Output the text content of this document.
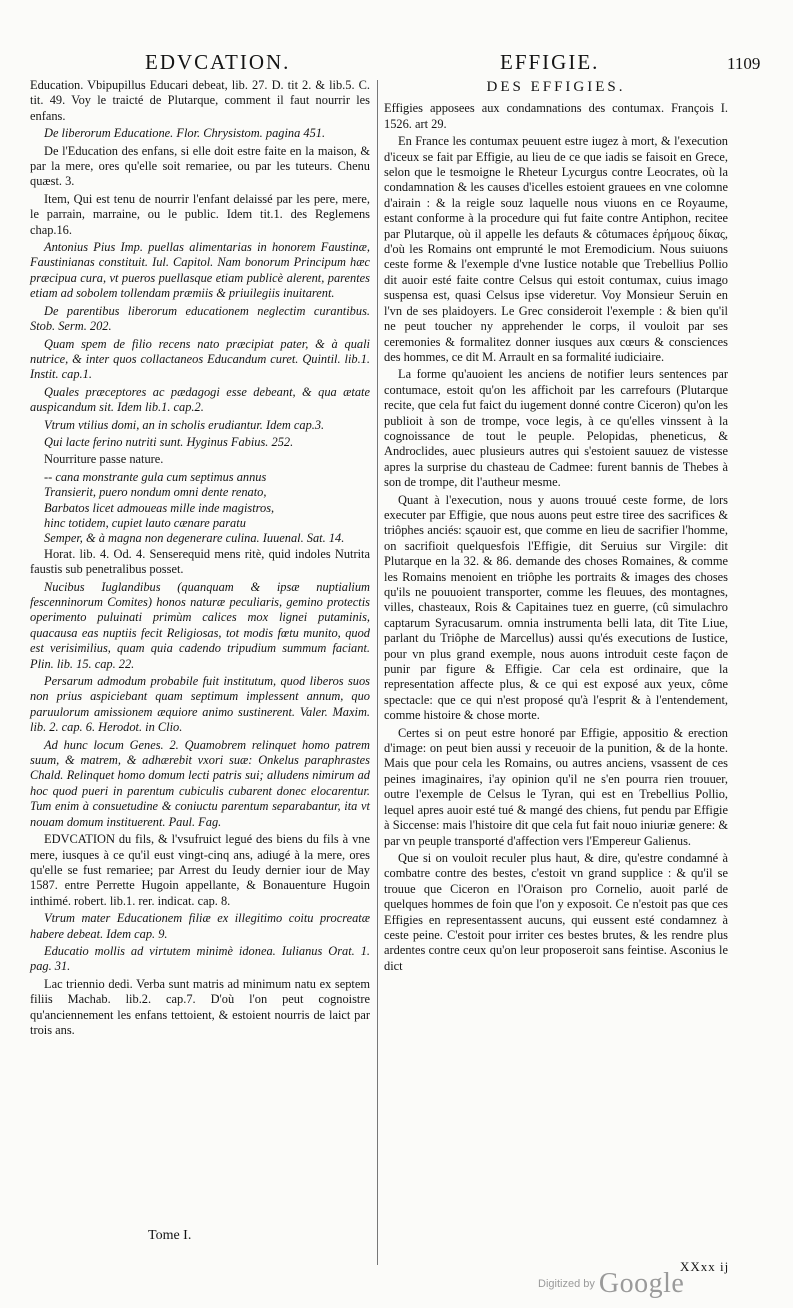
EDVCATION.	EFFIGIE.	1109

Education. Vbipupillus Educari debeat, lib. 27. D. tit 2. & lib.5. C. tit. 49. Voy le traicté de Plutarque, comment il faut nourrir les enfans.

De liberorum Educatione. Flor. Chrysistom. pagina 451.

De l'Education des enfans, si elle doit estre faite en la maison, & par la mere, ores qu'elle soit remariee, ou par les tuteurs. Chenu quæst. 3.

Item, Qui est tenu de nourrir l'enfant delaissé par les pere, mere, le parrain, marraine, ou le public. Idem tit.1. des Reglemens chap.16.

Antonius Pius Imp. puellas alimentarias in honorem Faustinæ, Faustinianas constituit. Iul. Capitol. Nam bonorum Principum hæc præcipua cura, vt pueros puellasque etiam publicè alerent, parentes etiam ad sobolem tollendam præmiis & priuilegiis inuitarent.

De parentibus liberorum educationem neglectim curantibus. Stob. Serm. 202.

Quam spem de filio recens nato præcipiat pater, & à quali nutrice, & inter quos collactaneos Educandum curet. Quintil. lib.1. Instit. cap.1.

Quales præceptores ac pædagogi esse debeant, & qua ætate auspicandum sit. Idem lib.1. cap.2.

Vtrum vtilius domi, an in scholis erudiantur. Idem cap.3.

Qui lacte ferino nutriti sunt. Hyginus Fabius. 252.

Nourriture passe nature.

-- cana monstrante gula cum septimus annus

Transierit, puero nondum omni dente renato,

Barbatos licet admoueas mille inde magistros,

hinc totidem, cupiet lauto cænare paratu

Semper, & à magna non degenerare culina. Iuuenal. Sat. 14.

Horat. lib. 4. Od. 4. Senserequid mens ritè, quid indoles Nutrita faustis sub penetralibus posset.

Nucibus Iuglandibus (quanquam & ipsæ nuptialium fescenninorum Comites) honos naturæ peculiaris, gemino protectis operimento puluinati primùm calices mox lignei putaminis, quacausa eas nuptiis fecit Religiosas, tot modis fœtu munito, quod est verisimilius, quam quia cadendo tripudium summum faciant. Plin. lib. 15. cap. 22.

Persarum admodum probabile fuit institutum, quod liberos suos non prius aspiciebant quam septimum implessent annum, quo paruulorum amissionem æquiore animo sustinerent. Valer. Maxim. lib. 2. cap. 6. Herodot. in Clio.

Ad hunc locum Genes. 2. Quamobrem relinquet homo patrem suum, & matrem, & adhærebit vxori suæ: Onkelus paraphrastes Chald. Relinquet homo domum lecti patris sui; alludens nimirum ad hoc quod pueri in parentum cubiculis cubarent donec elocarentur. Tum enim à consuetudine & coniuctu parentum separabantur, ita vt nouam domum instituerent. Paul. Fag.

EDVCATION du fils, & l'vsufruict legué des biens du fils à vne mere, iusques à ce qu'il eust vingt-cinq ans, adiugé à la mere, ores qu'elle se fust remariee; par Arrest du Ieudy dernier iour de May 1587. entre Perrette Hugoin appellante, & Bonauenture Hugoin inthimé. robert. lib.1. rer. indicat. cap. 8.

Vtrum mater Educationem filiæ ex illegitimo coitu procreatæ habere debeat. Idem cap. 9.

Educatio mollis ad virtutem minimè idonea. Iulianus Orat. 1. pag. 31.

Lac triennio dedi. Verba sunt matris ad minimum natu ex septem filiis Machab. lib.2. cap.7. D'où l'on peut cognoistre qu'anciennement les enfans tettoient, & estoient nourris de laict par trois ans.

DES EFFIGIES.

Effigies apposees aux condamnations des contumax. François I. 1526. art 29.

En France les contumax peuuent estre iugez à mort, & l'execution d'iceux se fait par Effigie, au lieu de ce que iadis se faisoit en Grece, selon que le tesmoigne le Rheteur Lycurgus contre Leocrates, où la condamnation & les causes d'icelles estoient grauees en vne colomne d'airain : & la reigle souz laquelle nous viuons en ce Royaume, estant conforme à la procedure qui fut faite contre Antiphon, recitee par Plutarque, où il appelle les defauts & côtumaces ἐρήμους δίκας, d'où les Romains ont emprunté le mot Eremodicium. Nous suiuons ceste forme & l'exemple d'vne Iustice notable que Trebellius Pollio dit auoir esté faite contre Celsus qui estoit contumax, cuius imago suspensa est, quasi Celsus ipse videretur. Voy Monsieur Seruin en l'vn de ses plaidoyers. Le Grec consideroit l'exemple : & bien qu'il ne peut toucher ny apprehender le corps, il vouloit par ses ceremonies & formalitez donner iusques aux cœurs & consciences des hommes, ce dit M. Arrault en sa formalité iudiciaire.

La forme qu'auoient les anciens de notifier leurs sentences par contumace, estoit qu'on les affichoit par les carrefours (Plutarque recite, que cela fut faict du iugement donné contre Ciceron) qu'on les publioit à son de trompe, voce legis, à ce qu'elles vinssent à la cognoissance de tout le peuple. Pelopidas, pheneticus, & Androclides, auec plusieurs autres qui s'estoient sauuez de vistesse apres la surprise du chasteau de Cadmee: furent bannis de Thebes à son de trompe, dit l'autheur mesme.

Quant à l'execution, nous y auons trouué ceste forme, de lors executer par Effigie, que nous auons peut estre tiree des sacrifices & triôphes anciés: sçauoir est, que comme en lieu de sacrifier l'homme, on sacrifioit quelquesfois l'Effigie, dit Seruius sur Virgile: dit Plutarque en la 32. & 86. demande des choses Romaines, & comme les Romains menoient en triôphe les portraits & images des choses qu'ils ne pouuoient transporter, comme les fleuues, des montagnes, villes, chasteaux, Rois & Capitaines tuez en guerre, (cû simulachro captarum Syracusarum. omnia instrumenta belli lata, dit Tite Liue, parlant du Triôphe de Marcellus) aussi qu'és executions de Iustice, pour vn plus grand exemple, nous auons introduit ceste façon de punir par figure & Effigie. Car cela est ordinaire, que la representation affecte plus, & ce qui est exposé aux yeux, côme spectacle: que ce qui n'est proposé qu'à l'esprit & à l'entendement, comme histoire & chose morte.

Certes si on peut estre honoré par Effigie, appositio & erection d'image: on peut bien aussi y receuoir de la punition, & de la honte. Mais que pour cela les Romains, ou autres anciens, vsassent de ces peines imaginaires, i'ay opinion qu'il ne s'en pourra rien trouuer, outre l'exemple de Celsus le Tyran, qui est en Trebellius Pollio, lequel apres auoir esté tué & mangé des chiens, fut pendu par Effigie à Siccense: mais l'histoire dit que cela fut fait nouo iniuriæ genere: & par vn peuple transporté d'affection vers l'Empereur Galienus.

Que si on vouloit reculer plus haut, & dire, qu'estre condamné à combatre contre des bestes, c'estoit vn grand supplice : & qu'il se trouue que Ciceron en l'Oraison pro Cornelio, auoit parlé de quelques hommes de foin que l'on y exposoit. Ce n'estoit pas que ces Effigies en representassent aucuns, qui eussent esté condamnez à ceste peine. C'estoit pour irriter ces bestes brutes, & les rendre plus ardentes contre ceux qu'on leur proposeroit sans feintise. Asconius le dict

Tome I.
XXxx ij
Digitized by Google
